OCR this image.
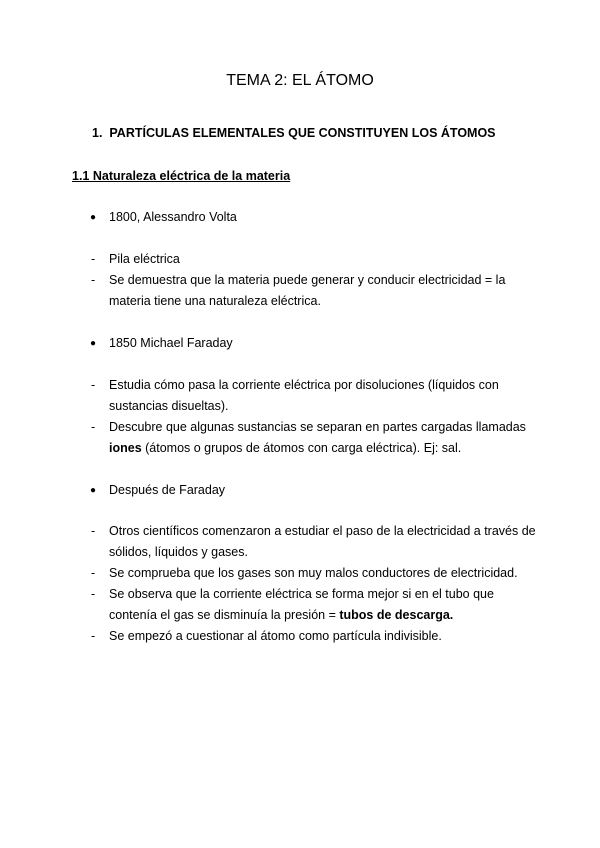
TEMA 2: EL ÁTOMO
1. PARTÍCULAS ELEMENTALES QUE CONSTITUYEN LOS ÁTOMOS
1.1 Naturaleza eléctrica de la materia
● 1800, Alessandro Volta
- Pila eléctrica
- Se demuestra que la materia puede generar y conducir electricidad = la
materia tiene una naturaleza eléctrica.
● 1850 Michael Faraday
- Estudia cómo pasa la corriente eléctrica por disoluciones (líquidos con
sustancias disueltas).
- Descubre que algunas sustancias se separan en partes cargadas llamadas
iones (átomos o grupos de átomos con carga eléctrica). Ej: sal.
● Después de Faraday
- Otros científicos comenzaron a estudiar el paso de la electricidad a través de
sólidos, líquidos y gases.
- Se comprueba que los gases son muy malos conductores de electricidad.
- Se observa que la corriente eléctrica se forma mejor si en el tubo que
contenía el gas se disminuía la presión = tubos de descarga.
- Se empezó a cuestionar al átomo como partícula indivisible.
